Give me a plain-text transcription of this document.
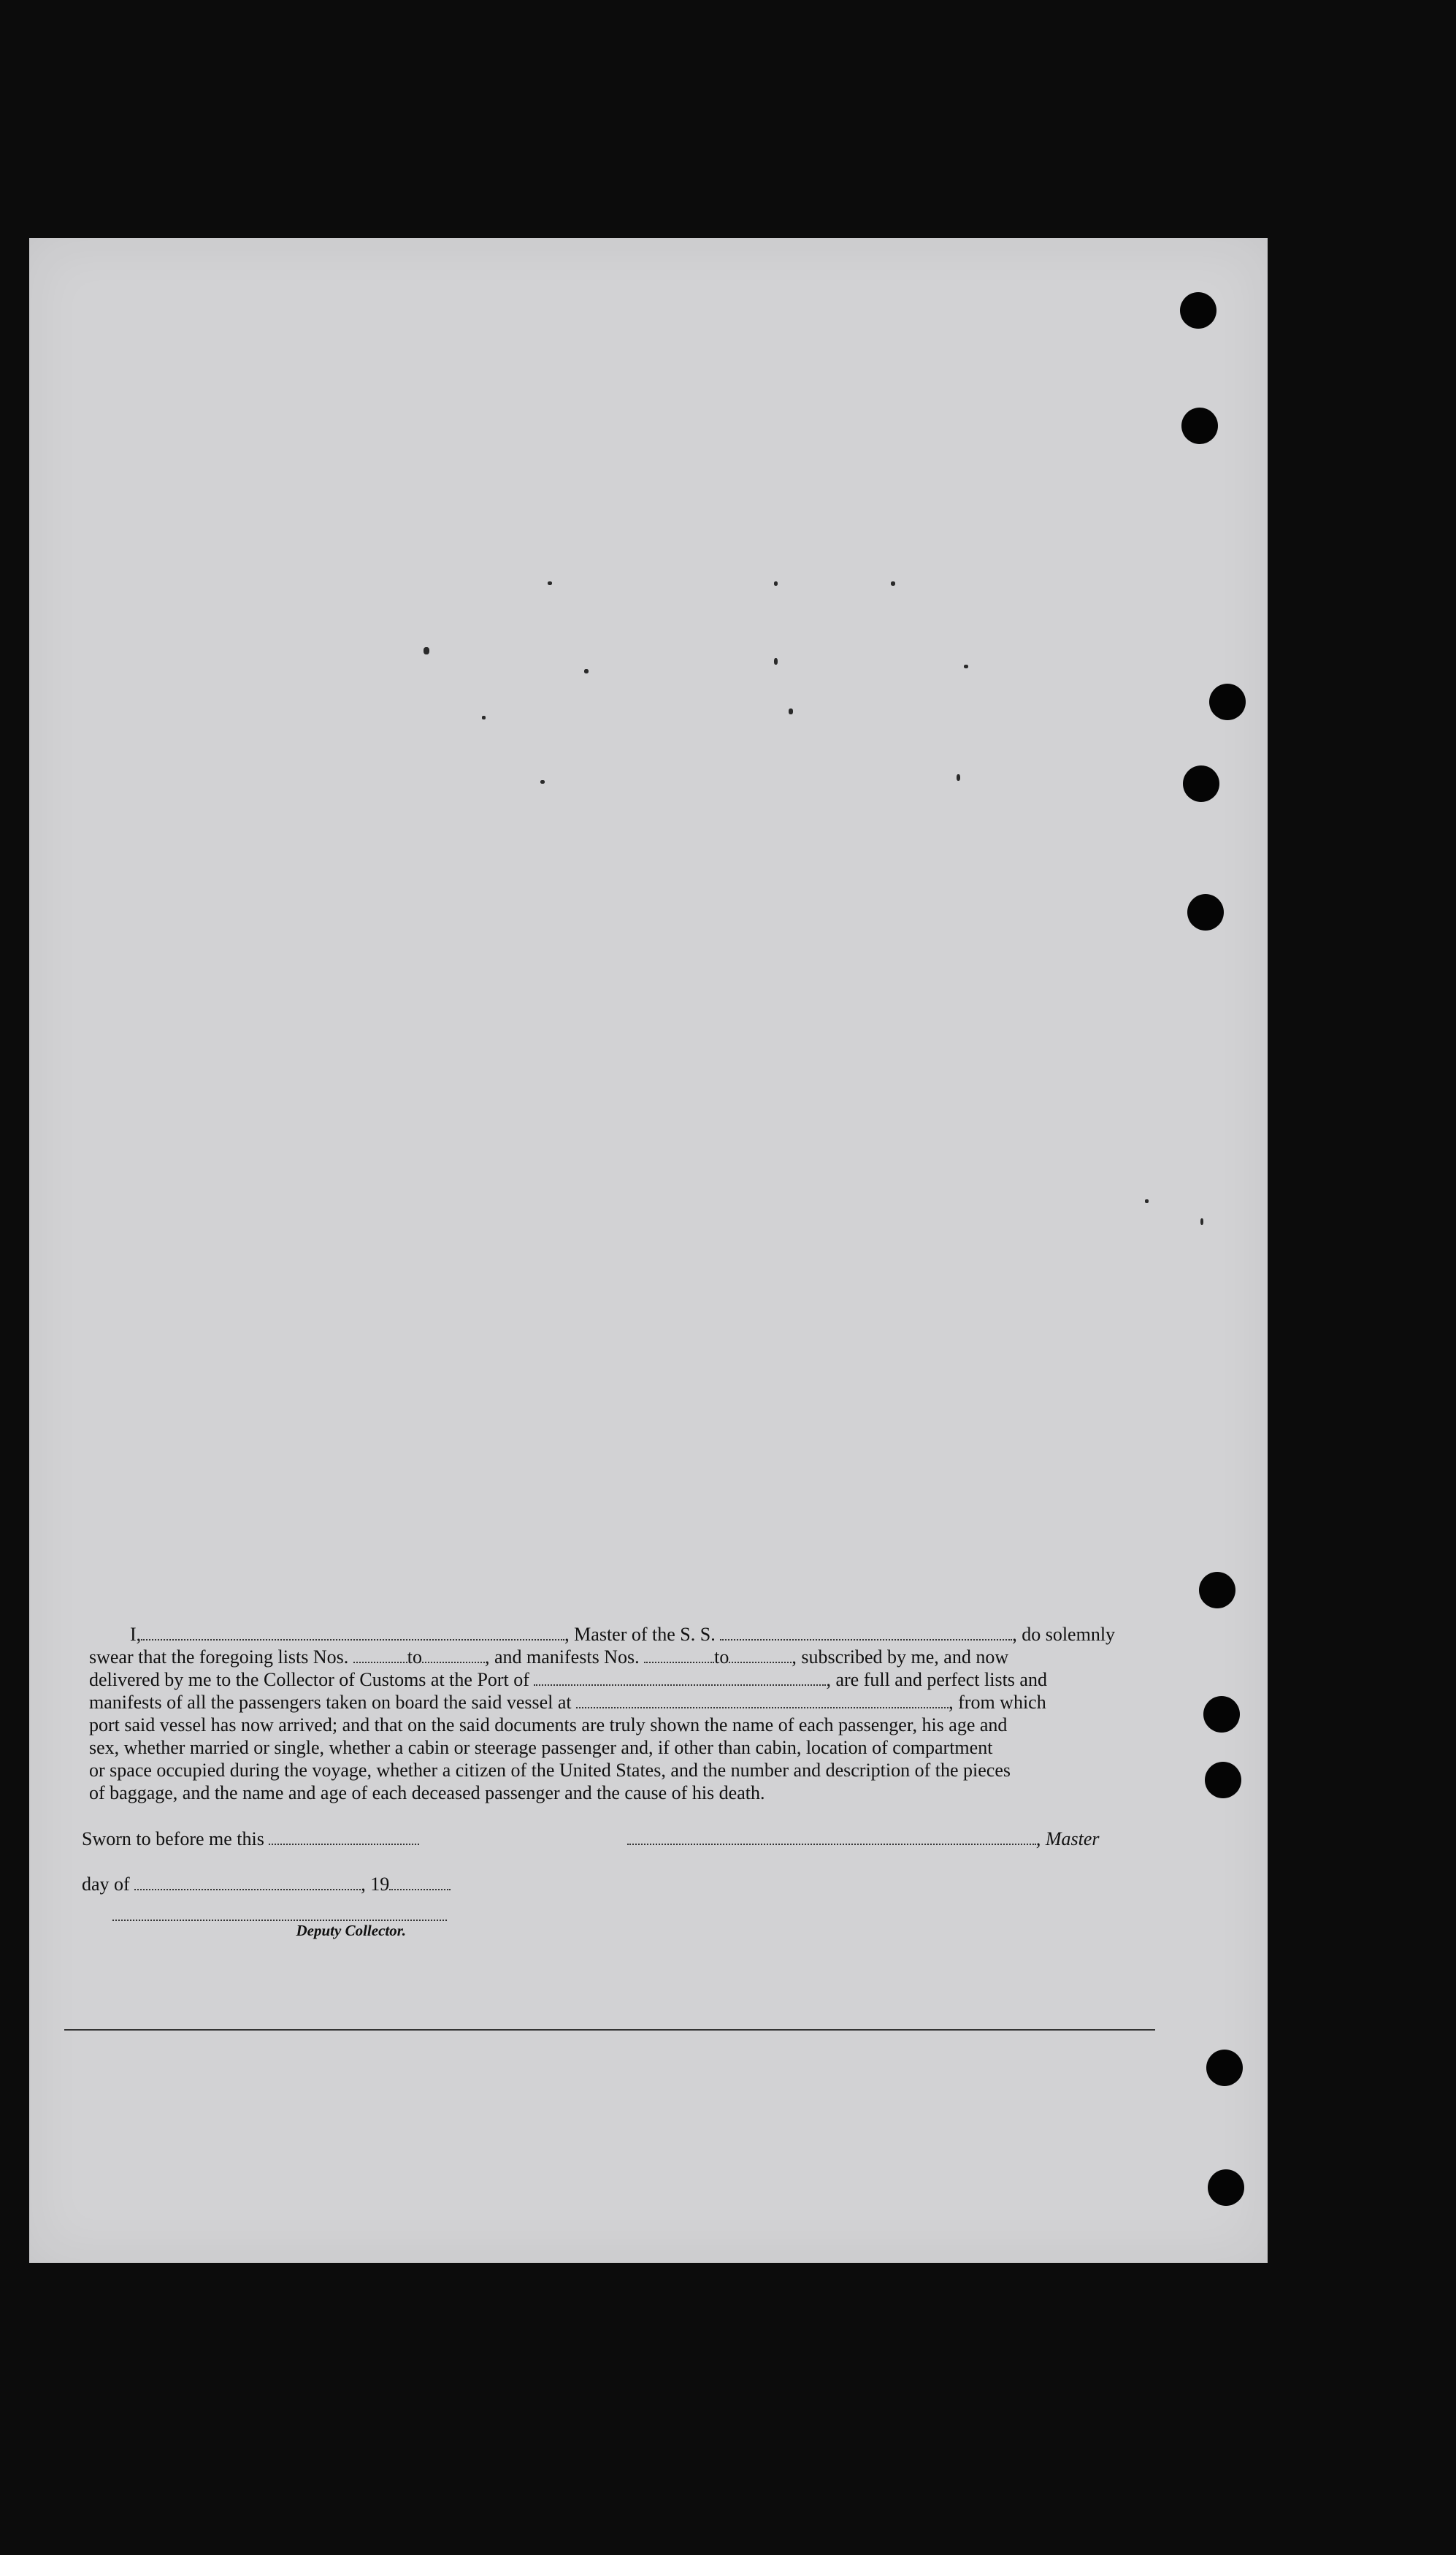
I,	, Master of the S. S.	, do solemnly

swear that the foregoing lists Nos.	to	, and manifests Nos.	to	, subscribed by me, and now

delivered by me to the Collector of Customs at the Port of	, are full and perfect lists and

manifests of all the passengers taken on board the said vessel at	, from which

port said vessel has now arrived; and that on the said documents are truly shown the name of each passenger, his age and

sex, whether married or single, whether a cabin or steerage passenger and, if other than cabin, location of compartment

or space occupied during the voyage, whether a citizen of the United States, and the number and description of the pieces

of baggage, and the name and age of each deceased passenger and the cause of his death.

Sworn to before me this	, Master
day of	, 19
Deputy Collector.
